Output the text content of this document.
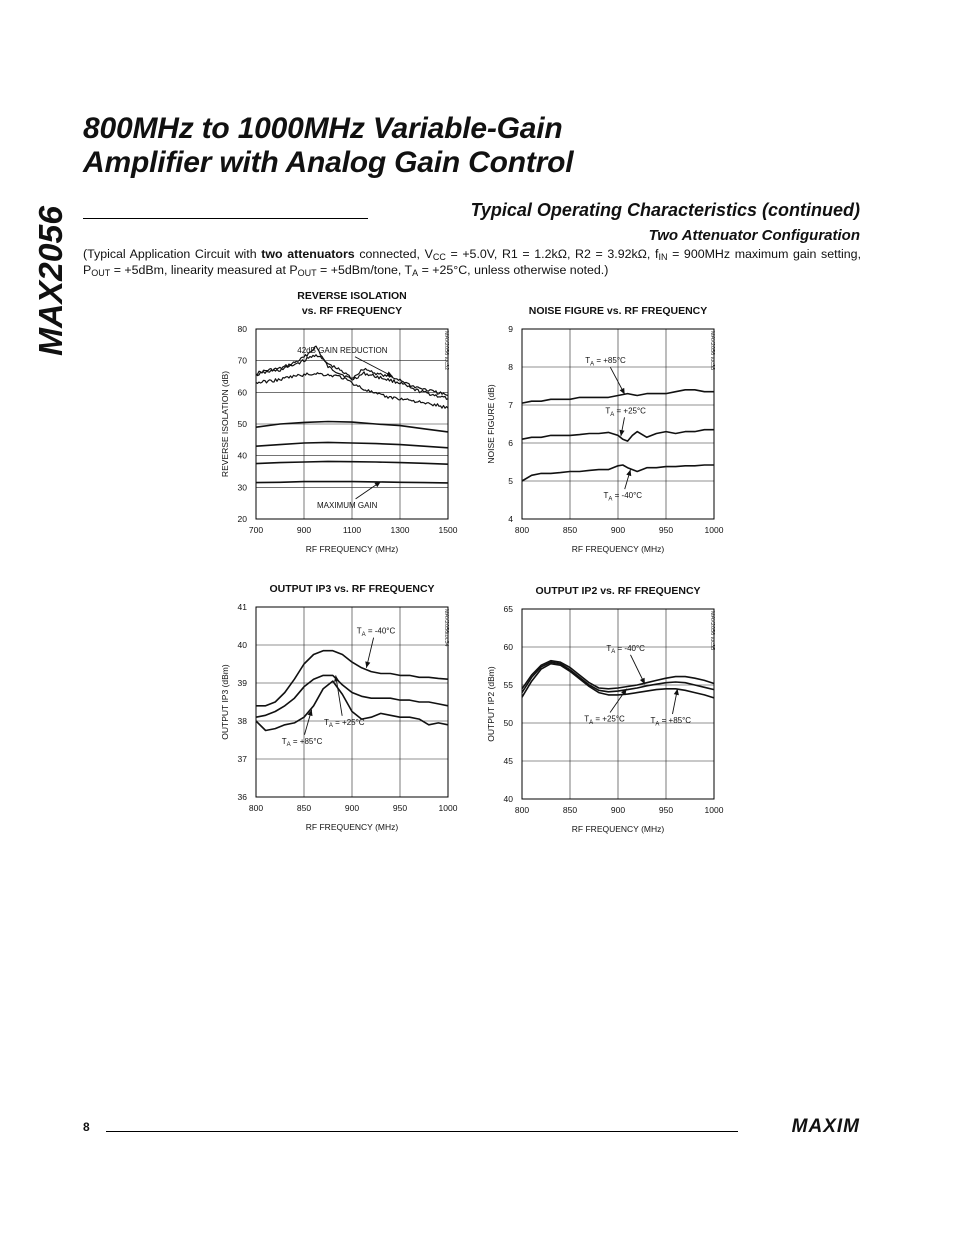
MAX2056
800MHz to 1000MHz Variable-Gain
Amplifier with Analog Gain Control
Typical Operating Characteristics (continued)
Two Attenuator Configuration

(Typical Application Circuit with two attenuators connected, $V_{CC} = +5.0V$, R1 = 1.2kΩ, R2 = 3.92kΩ, $f_{IN} = 900MHz$ maximum gain setting, $P_{OUT} = +5dBm$, linearity measured at $P_{OUT}$ = +5dBm/tone, $T_A = +25^\circ C$, unless otherwise noted.)

REVERSE ISOLATION
vs. RF FREQUENCY
700	900	1100	1300	1500
20
30
40
50
60
70
80
RF FREQUENCY (MHz)
REVERSE ISOLATION (dB)
MAX2056 toc32
42dB GAIN REDUCTION
MAXIMUM GAIN
NOISE FIGURE vs. RF FREQUENCY
800	850	900	950	1000
4
5
6
7
8
9
RF FREQUENCY (MHz)
NOISE FIGURE (dB)
MAX2056 toc33
$T_A = +85^\circ C$
$T_A = +25^\circ C$
$T_A = -40^\circ C$
OUTPUT IP3 vs. RF FREQUENCY
800	850	900	950	1000
36
37
38
39
40
41
RF FREQUENCY (MHz)
OUTPUT IP3 (dBm)
MAX2056toc34
$T_A = -40^\circ C$
$T_A = +25^\circ C$
$T_A = +85^\circ C$
OUTPUT IP2 vs. RF FREQUENCY
800	850	900	950	1000
40
45
50
55
60
65
RF FREQUENCY (MHz)
OUTPUT IP2 (dBm)
MAX2056 toc35
$T_A = -40^\circ C$
$T_A = +25^\circ C$	$T_A = +85^\circ C$
8	MAXIM
